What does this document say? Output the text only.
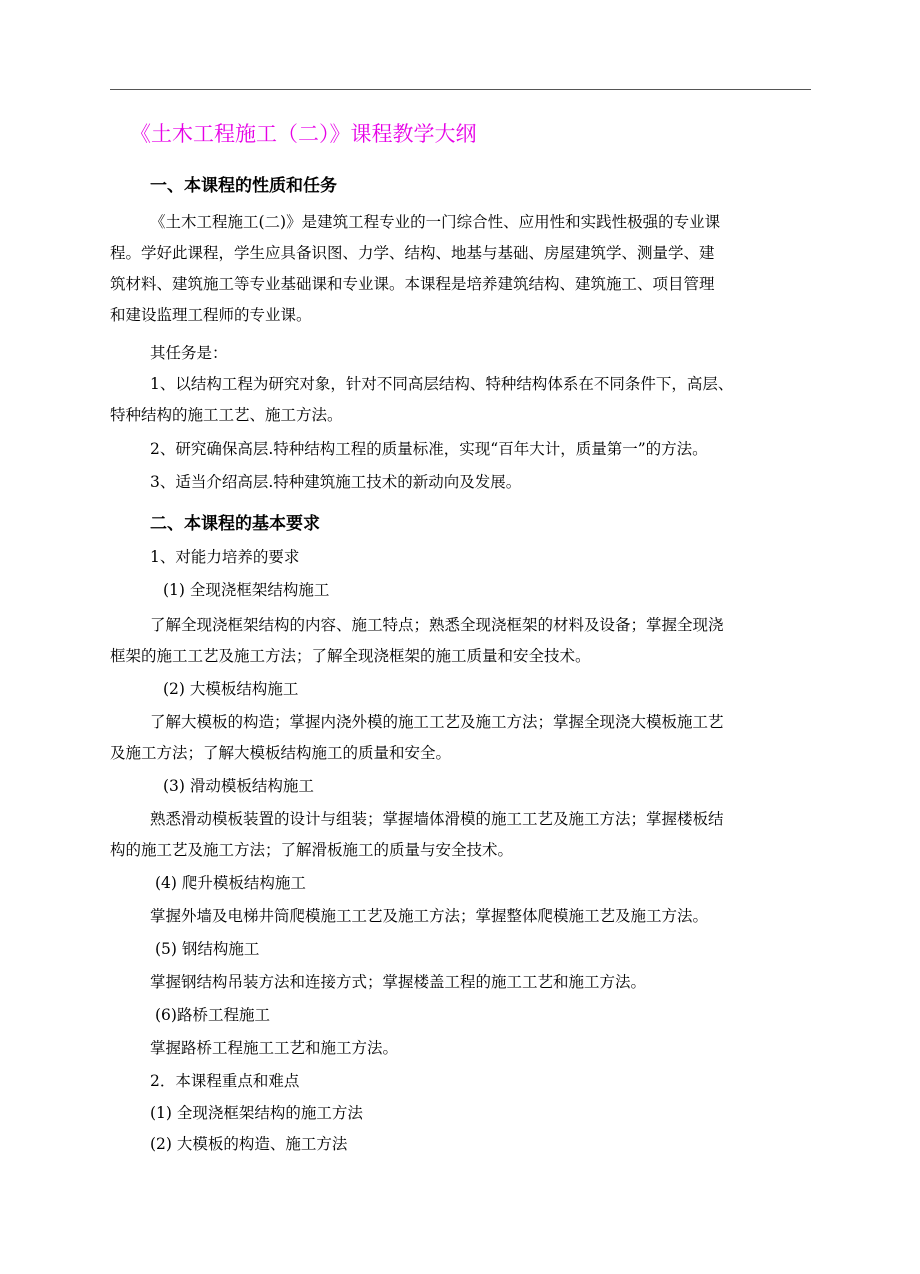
《土木工程施工（二）》课程教学大纲
一、本课程的性质和任务

《土木工程施工(二)》是建筑工程专业的一门综合性、应用性和实践性极强的专业课

程。学好此课程，学生应具备识图、力学、结构、地基与基础、房屋建筑学、测量学、建

筑材料、建筑施工等专业基础课和专业课。本课程是培养建筑结构、建筑施工、项目管理

和建设监理工程师的专业课。

其任务是：

1、以结构工程为研究对象，针对不同高层结构、特种结构体系在不同条件下，高层、

特种结构的施工工艺、施工方法。

2、研究确保高层.特种结构工程的质量标准，实现“百年大计，质量第一”的方法。

3、适当介绍高层.特种建筑施工技术的新动向及发展。

二、本课程的基本要求

1、对能力培养的要求

(1) 全现浇框架结构施工

了解全现浇框架结构的内容、施工特点；熟悉全现浇框架的材料及设备；掌握全现浇

框架的施工工艺及施工方法；了解全现浇框架的施工质量和安全技术。

(2) 大模板结构施工

了解大模板的构造；掌握内浇外模的施工工艺及施工方法；掌握全现浇大模板施工艺

及施工方法；了解大模板结构施工的质量和安全。

(3) 滑动模板结构施工

熟悉滑动模板装置的设计与组装；掌握墙体滑模的施工工艺及施工方法；掌握楼板结

构的施工艺及施工方法；了解滑板施工的质量与安全技术。

(4) 爬升模板结构施工

掌握外墙及电梯井筒爬模施工工艺及施工方法；掌握整体爬模施工艺及施工方法。

(5) 钢结构施工

掌握钢结构吊装方法和连接方式；掌握楼盖工程的施工工艺和施工方法。

(6)路桥工程施工

掌握路桥工程施工工艺和施工方法。

2．本课程重点和难点

(1) 全现浇框架结构的施工方法

(2) 大模板的构造、施工方法
